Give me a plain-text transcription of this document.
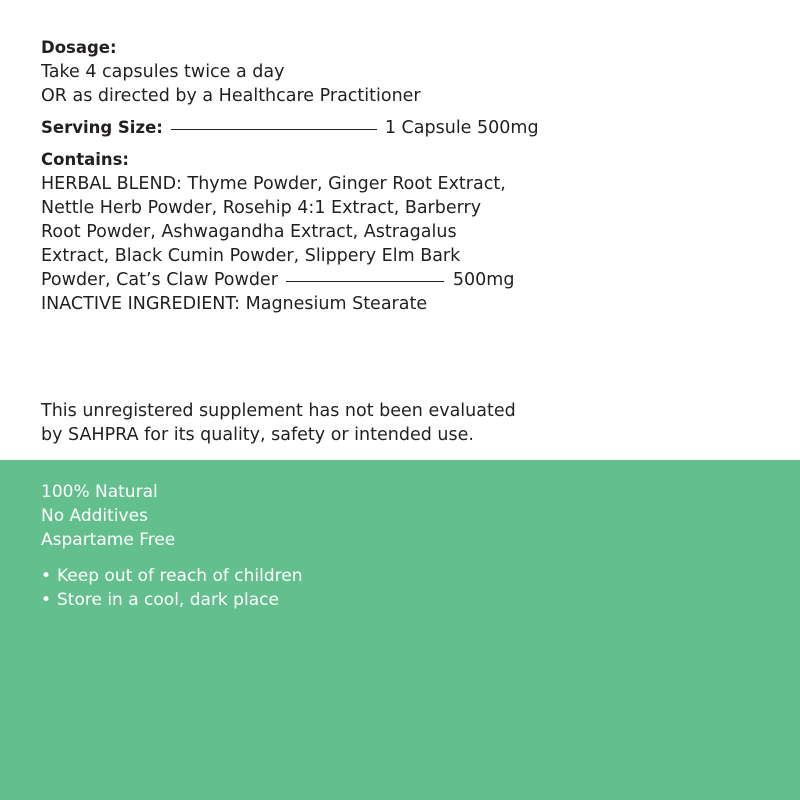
Dosage:
Take 4 capsules twice a day
OR as directed by a Healthcare Practitioner
Serving Size:	1 Capsule 500mg
Contains:
HERBAL BLEND: Thyme Powder, Ginger Root Extract,
Nettle Herb Powder, Rosehip 4:1 Extract, Barberry
Root Powder, Ashwagandha Extract, Astragalus
Extract, Black Cumin Powder, Slippery Elm Bark
Powder, Cat’s Claw Powder	500mg
INACTIVE INGREDIENT: Magnesium Stearate
This unregistered supplement has not been evaluated
by SAHPRA for its quality, safety or intended use.
100% Natural
No Additives
Aspartame Free
• Keep out of reach of children
• Store in a cool, dark place
